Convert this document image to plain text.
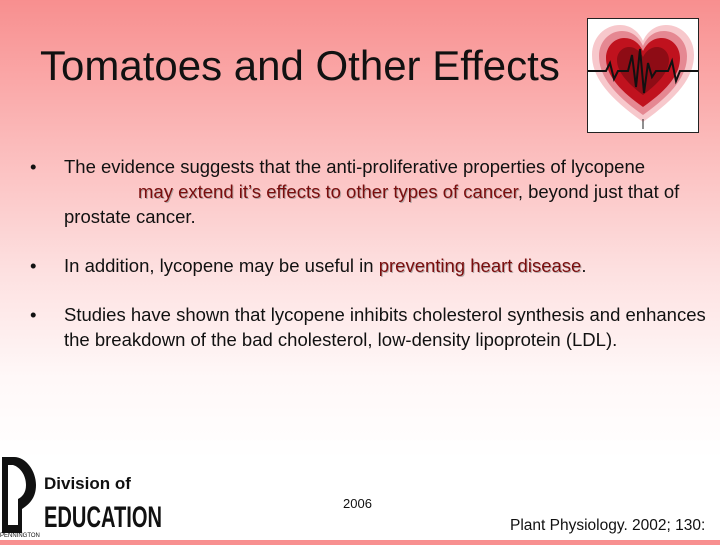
Tomatoes and Other Effects
•	The evidence suggests that the anti-proliferative properties of lycopenemay extend it’s effects to other types of cancer, beyond just that of prostate cancer.
•	In addition, lycopene may be useful in preventing heart disease.
•	Studies have shown that lycopene inhibits cholesterol synthesis and enhances the breakdown of the bad cholesterol, low-density lipoprotein (LDL).
Division of
EDUCATION
PENNINGTON
2006
Plant Physiology. 2002; 130:
